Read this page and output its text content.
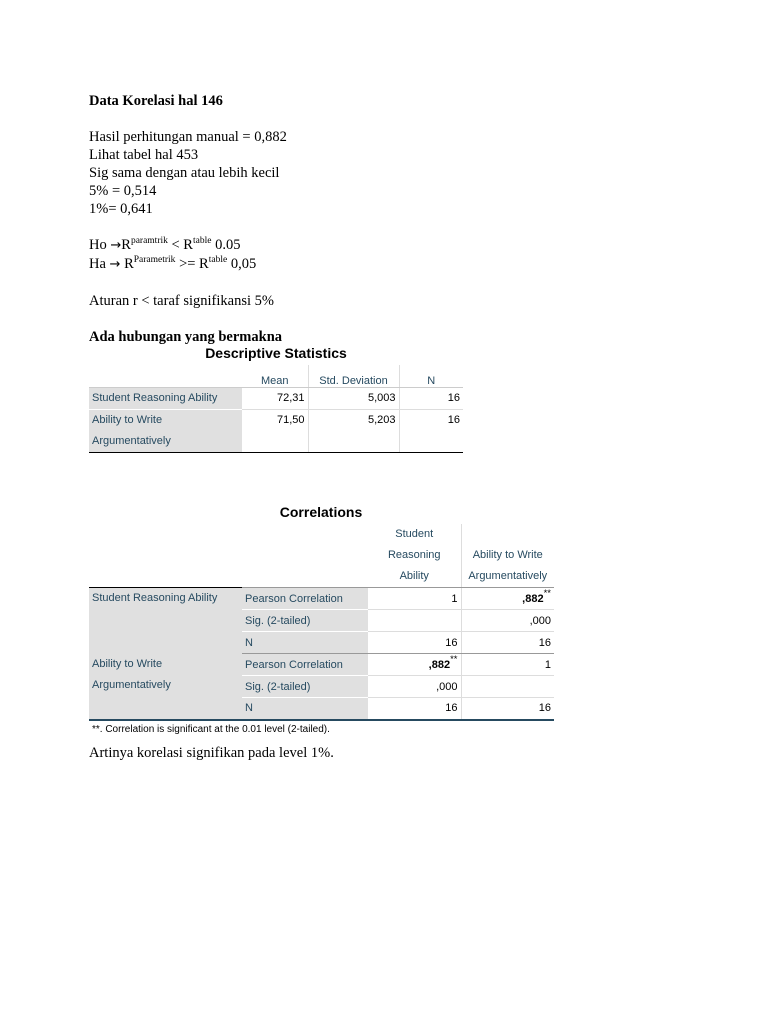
Data Korelasi hal 146
Hasil perhitungan manual = 0,882
Lihat tabel hal 453
Sig sama dengan atau lebih kecil
5% = 0,514
1%= 0,641
$Ho \to R^{paramtrik} < R^{table}$ 0.05
$Ha \to R^{Parametrik} >= R^{table}$ 0,05
Aturan r < taraf signifikansi 5%
Ada hubungan yang bermakna
Descriptive Statistics
	Mean	Std. Deviation	N
Student Reasoning Ability	72,31	5,003	16
Ability to Write
Argumentatively	71,50	5,203	16
Correlations
		Student
Reasoning
Ability	Ability to Write
Argumentatively
Student Reasoning Ability	Pearson Correlation	1	,882**
	Sig. (2-tailed)		,000
	N	16	16
Ability to Write
Argumentatively	Pearson Correlation	,882**	1
	Sig. (2-tailed)	,000	
	N	16	16
**. Correlation is significant at the 0.01 level (2-tailed).
Artinya korelasi signifikan pada level 1%.
